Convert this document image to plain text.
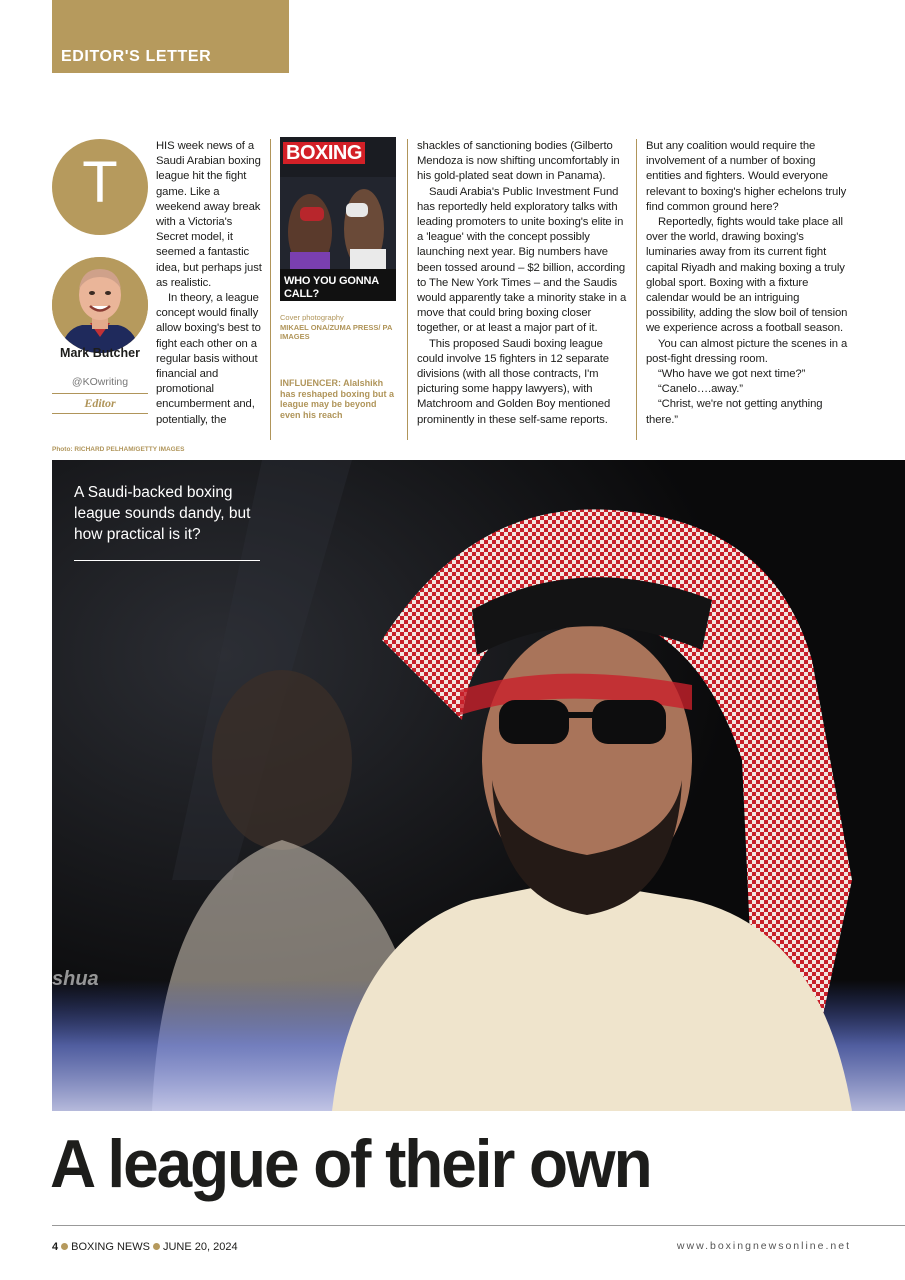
EDITOR'S LETTER
T

HIS week news of a Saudi Arabian boxing league hit the fight game. Like a weekend away break with a Victoria's Secret model, it seemed a fantastic idea, but perhaps just as realistic.

In theory, a league concept would finally allow boxing's best to fight each other on a regular basis without financial and promotional encumberment and, potentially, the

Mark Butcher
@KOwriting
Editor
Photo: RICHARD PELHAM/GETTY IMAGES
BOXING
WHO YOU GONNA CALL?
Cover photography
MIKAEL ONA/ZUMA PRESS/ PA IMAGES
INFLUENCER: Alalshikh has reshaped boxing but a league may be beyond even his reach

shackles of sanctioning bodies (Gilberto Mendoza is now shifting uncomfortably in his gold-plated seat down in Panama).

Saudi Arabia's Public Investment Fund has reportedly held exploratory talks with leading promoters to unite boxing's elite in a 'league' with the concept possibly launching next year. Big numbers have been tossed around – $2 billion, according to The New York Times – and the Saudis would apparently take a minority stake in a move that could bring boxing closer together, or at least a major part of it.

This proposed Saudi boxing league could involve 15 fighters in 12 separate divisions (with all those contracts, I'm picturing some happy lawyers), with Matchroom and Golden Boy mentioned prominently in these self-same reports.

But any coalition would require the involvement of a number of boxing entities and fighters. Would everyone relevant to boxing's higher echelons truly find common ground here?

Reportedly, fights would take place all over the world, drawing boxing's luminaries away from its current fight capital Riyadh and making boxing a truly global sport. Boxing with a fixture calendar would be an intriguing possibility, adding the slow boil of tension we experience across a football season.

You can almost picture the scenes in a post-fight dressing room.

“Who have we got next time?”

“Canelo….away.”

“Christ, we're not getting anything there.”

A Saudi-backed boxing league sounds dandy, but how practical is it?
shua
A league of their own
4 BOXING NEWS JUNE 20, 2024	www.boxingnewsonline.net
